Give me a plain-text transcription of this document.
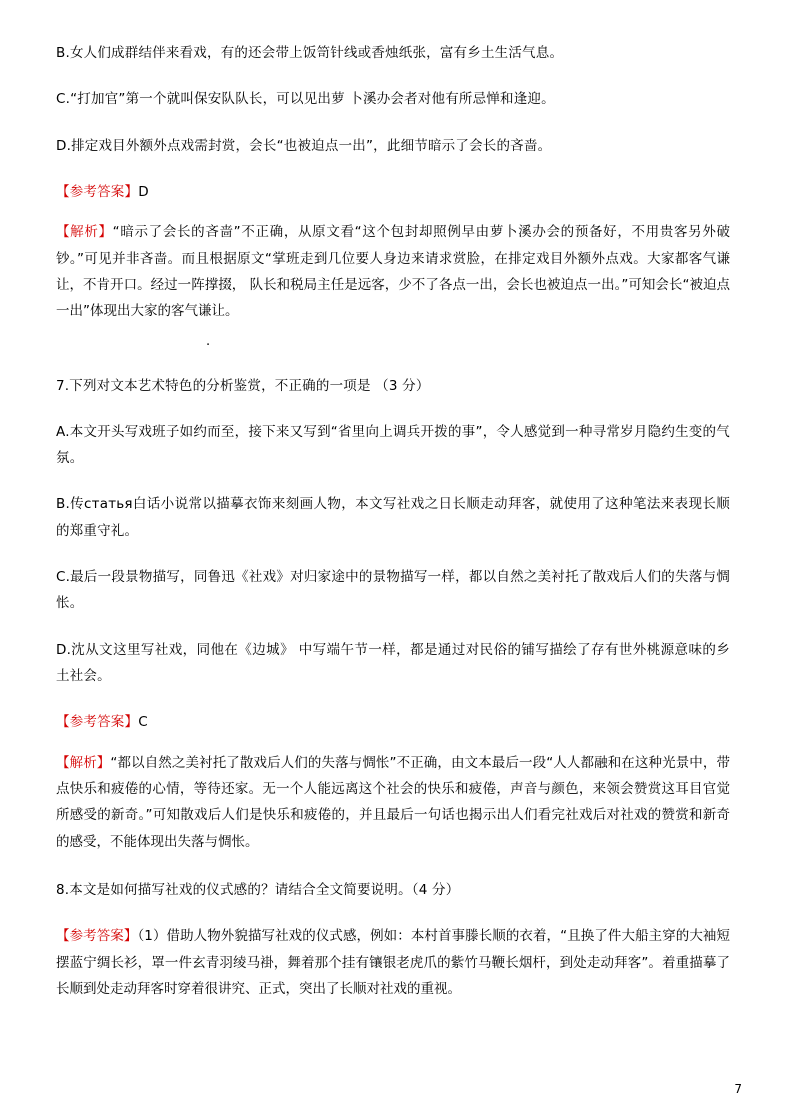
B.女人们成群结伴来看戏，有的还会带上饭笥针线或香烛纸张，富有乡土生活气息。
C.“打加官”第一个就叫保安队队长，可以见出萝 卜溪办会者对他有所忌惮和逢迎。
D.排定戏目外额外点戏需封赏，会长“也被迫点一出”，此细节暗示了会长的吝啬。
【参考答案】D
【解析】“暗示了会长的吝啬”不正确，从原文看“这个包封却照例早由萝卜溪办会的预备好，不用贵客另外破钞。”可见并非吝啬。而且根据原文“掌班走到几位要人身边来请求赏脸，在排定戏目外额外点戏。大家都客气谦让，不肯开口。经过一阵撑掇， 队长和税局主任是远客，少不了各点一出，会长也被迫点一出。”可知会长“被迫点一出”体现出大家的客气谦让。
·
7.下列对文本艺术特色的分析鉴赏，不正确的一项是 （3 分）
A.本文开头写戏班子如约而至，接下来又写到“省里向上调兵开拨的事”，令人感觉到一种寻常岁月隐约生变的气氛。
B.传статья白话小说常以描摹衣饰来刻画人物，本文写社戏之日长顺走动拜客，就使用了这种笔法来表现长顺的郑重守礼。
C.最后一段景物描写，同鲁迅《社戏》对归家途中的景物描写一样，都以自然之美衬托了散戏后人们的失落与惆怅。
D.沈从文这里写社戏，同他在《边城》 中写端午节一样，都是通过对民俗的铺写描绘了存有世外桃源意味的乡土社会。
【参考答案】C
【解析】“都以自然之美衬托了散戏后人们的失落与惆怅”不正确，由文本最后一段“人人都融和在这种光景中，带点快乐和疲倦的心情，等待还家。无一个人能远离这个社会的快乐和疲倦，声音与颜色，来领会赞赏这耳目官觉所感受的新奇。”可知散戏后人们是快乐和疲倦的，并且最后一句话也揭示出人们看完社戏后对社戏的赞赏和新奇的感受，不能体现出失落与惆怅。
8.本文是如何描写社戏的仪式感的？请结合全文简要说明。（4 分）
【参考答案】（1）借助人物外貌描写社戏的仪式感，例如：本村首事滕长顺的衣着，“且换了件大船主穿的大袖短摆蓝宁绸长衫，罩一件玄青羽绫马褂，舞着那个挂有镶银老虎爪的紫竹马鞭长烟杆，到处走动拜客”。着重描摹了长顺到处走动拜客时穿着很讲究、正式，突出了长顺对社戏的重视。
7
